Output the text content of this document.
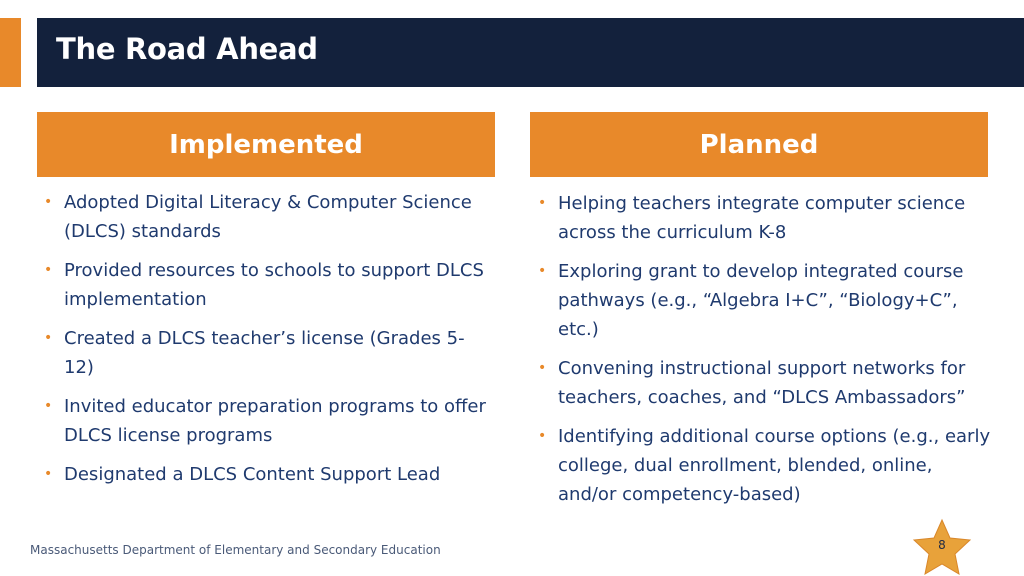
The Road Ahead
Implemented	Planned
• Adopted Digital Literacy & Computer Science (DLCS) standards
• Provided resources to schools to support DLCS implementation
• Created a DLCS teacher’s license (Grades 5-12)
• Invited educator preparation programs to offer DLCS license programs
• Designated a DLCS Content Support Lead
• Helping teachers integrate computer science across the curriculum K-8
• Exploring grant to develop integrated course pathways (e.g., “Algebra I+C”, “Biology+C”, etc.)
• Convening instructional support networks for teachers, coaches, and “DLCS Ambassadors”
• Identifying additional course options (e.g., early college, dual enrollment, blended, online, and/or competency-based)
Massachusetts Department of Elementary and Secondary Education	8
